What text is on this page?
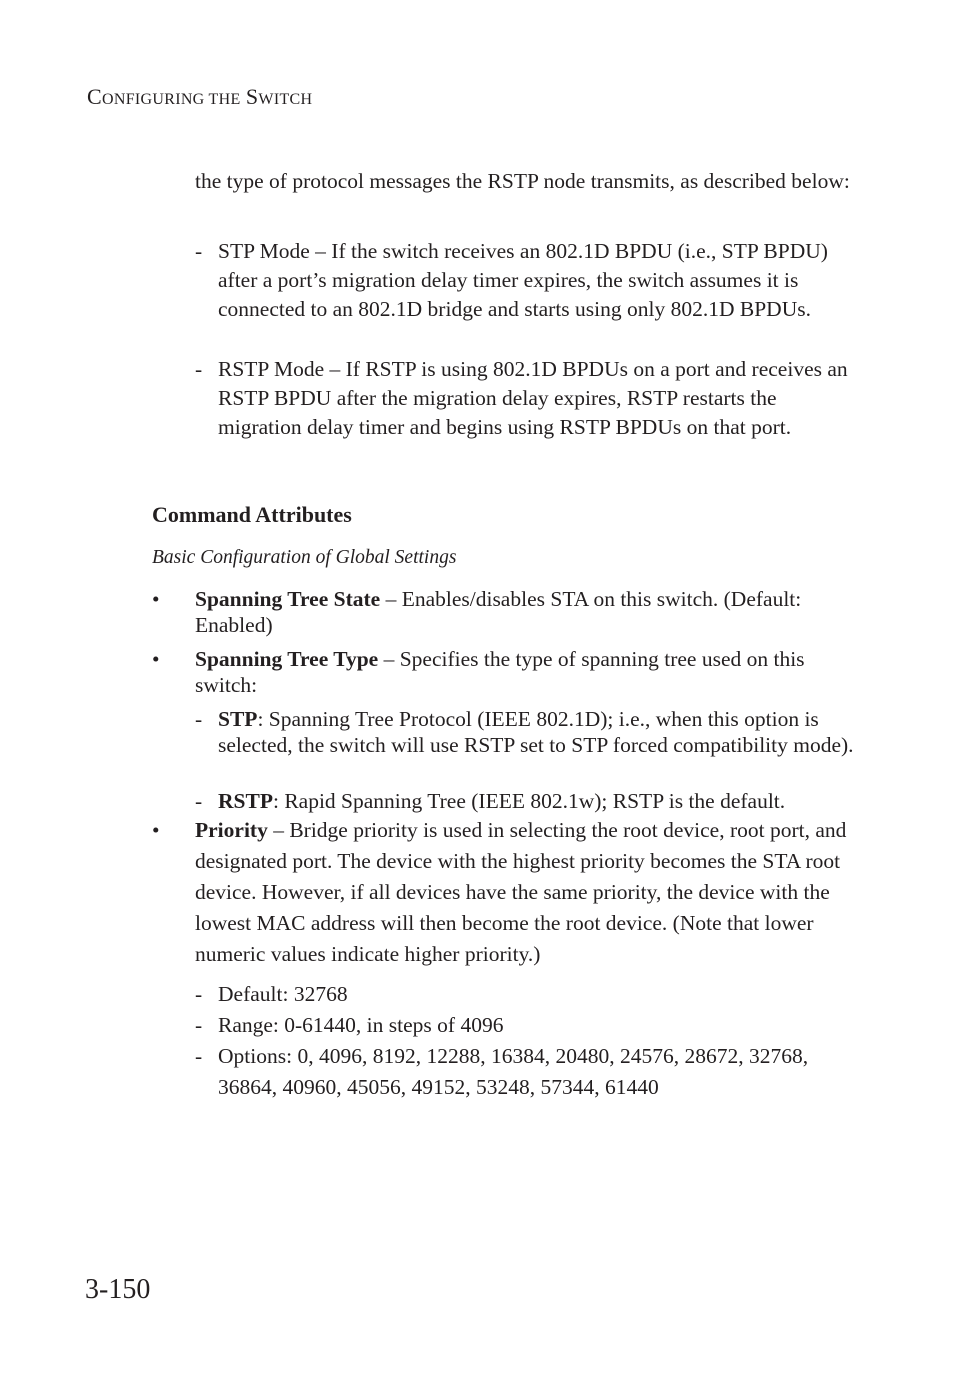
CONFIGURING THE SWITCH
the type of protocol messages the RSTP node transmits, as described below:
- STP Mode – If the switch receives an 802.1D BPDU (i.e., STP BPDU) after a port’s migration delay timer expires, the switch assumes it is connected to an 802.1D bridge and starts using only 802.1D BPDUs.
- RSTP Mode – If RSTP is using 802.1D BPDUs on a port and receives an RSTP BPDU after the migration delay expires, RSTP restarts the migration delay timer and begins using RSTP BPDUs on that port.
Command Attributes
Basic Configuration of Global Settings
• Spanning Tree State – Enables/disables STA on this switch. (Default: Enabled)
• Spanning Tree Type – Specifies the type of spanning tree used on this switch:
- STP: Spanning Tree Protocol (IEEE 802.1D); i.e., when this option is selected, the switch will use RSTP set to STP forced compatibility mode).
- RSTP: Rapid Spanning Tree (IEEE 802.1w); RSTP is the default.
• Priority – Bridge priority is used in selecting the root device, root port, and designated port. The device with the highest priority becomes the STA root device. However, if all devices have the same priority, the device with the lowest MAC address will then become the root device. (Note that lower numeric values indicate higher priority.)
- Default: 32768
- Range: 0-61440, in steps of 4096
- Options: 0, 4096, 8192, 12288, 16384, 20480, 24576, 28672, 32768, 36864, 40960, 45056, 49152, 53248, 57344, 61440
3-150
